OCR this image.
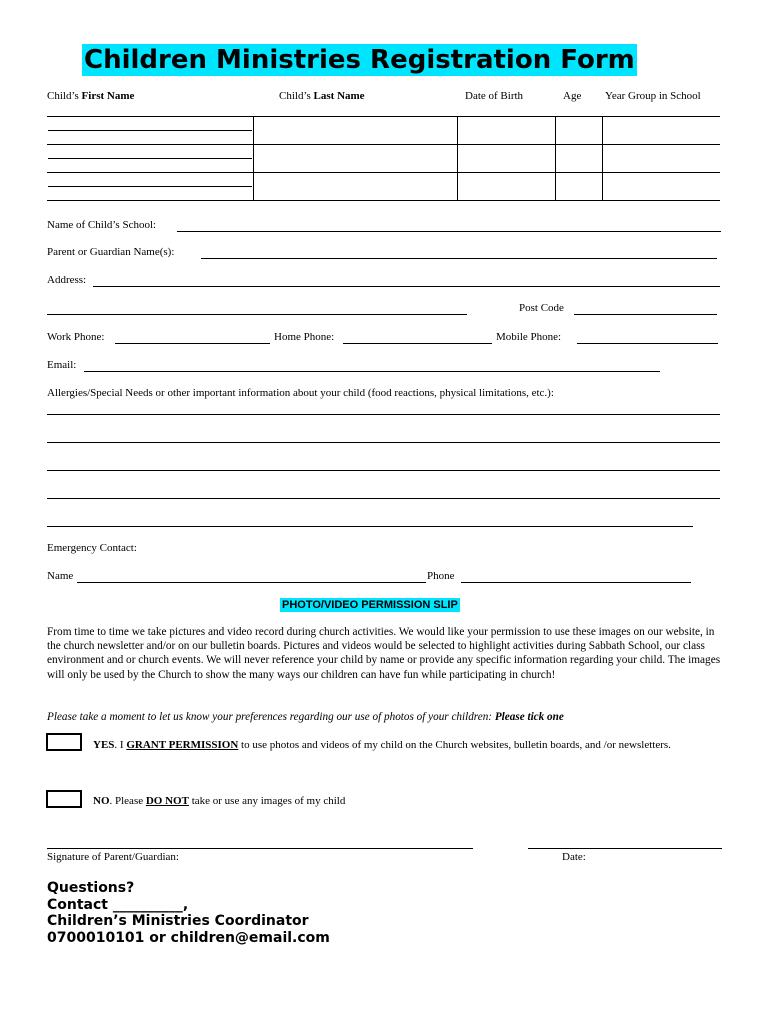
Children Ministries Registration Form
Child’s First Name	Child’s Last Name	Date of Birth	Age Year Group in School
Name of Child’s School:
Parent or Guardian Name(s):
Address:
Post Code
Work Phone:	Home Phone:	Mobile Phone:
Email:
Allergies/Special Needs or other important information about your child (food reactions, physical limitations, etc.):
Emergency Contact:
Name	Phone
PHOTO/VIDEO PERMISSION SLIP
From time to time we take pictures and video record during church activities. We would like your permission to use these images on our website, in the church newsletter and/or on our bulletin boards. Pictures and videos would be selected to highlight activities during Sabbath School, our class environment and or church events. We will never reference your child by name or provide any specific information regarding your child. The images will only be used by the Church to show the many ways our children can have fun while participating in church!
Please take a moment to let us know your preferences regarding our use of photos of your children: Please tick one
YES. I GRANT PERMISSION to use photos and videos of my child on the Church websites, bulletin boards, and /or newsletters.
NO. Please DO NOT take or use any images of my child
Signature of Parent/Guardian:	Date:
Questions?
Contact __________,
Children’s Ministries Coordinator
0700010101 or children@email.com
